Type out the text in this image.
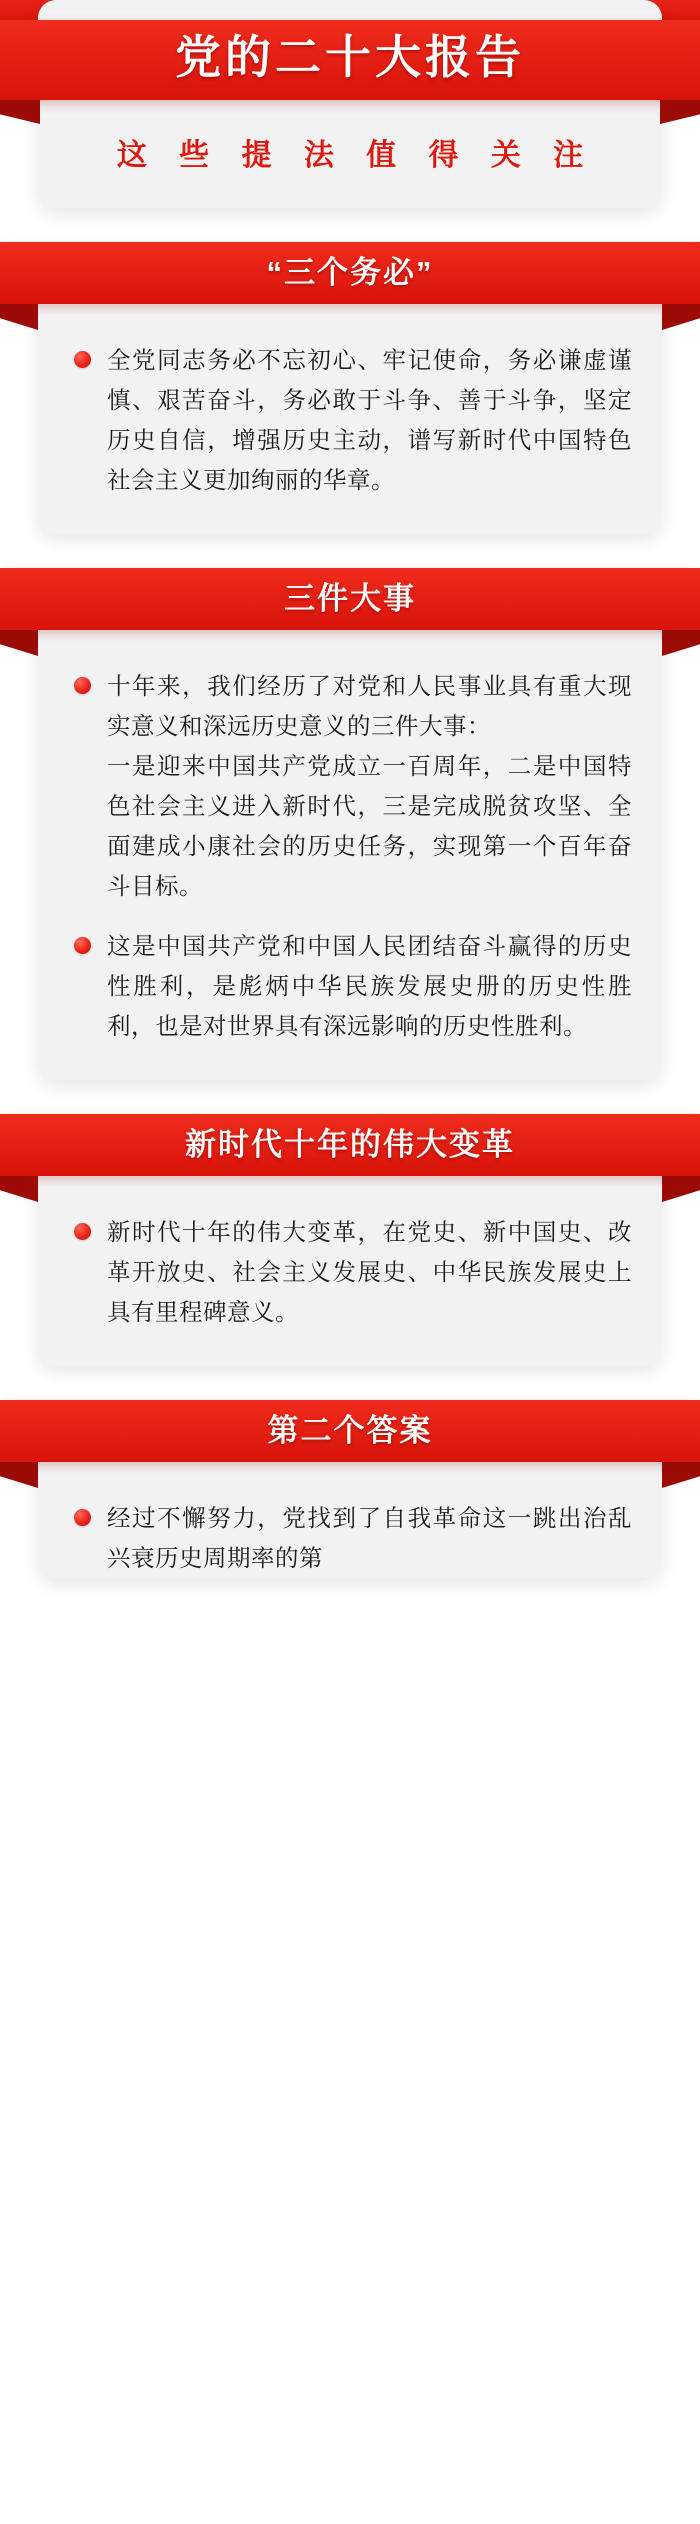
党的二十大报告
这 些 提 法 值 得 关 注
“三个务必”
全党同志务必不忘初心、牢记使命，务必谦虚谨慎、艰苦奋斗，务必敢于斗争、善于斗争，坚定历史自信，增强历史主动，谱写新时代中国特色社会主义更加绚丽的华章。
三件大事
十年来，我们经历了对党和人民事业具有重大现实意义和深远历史意义的三件大事：
一是迎来中国共产党成立一百周年，二是中国特色社会主义进入新时代，三是完成脱贫攻坚、全面建成小康社会的历史任务，实现第一个百年奋斗目标。
这是中国共产党和中国人民团结奋斗赢得的历史性胜利，是彪炳中华民族发展史册的历史性胜利，也是对世界具有深远影响的历史性胜利。
新时代十年的伟大变革
新时代十年的伟大变革，在党史、新中国史、改革开放史、社会主义发展史、中华民族发展史上具有里程碑意义。
第二个答案
经过不懈努力，党找到了自我革命这一跳出治乱兴衰历史周期率的第
